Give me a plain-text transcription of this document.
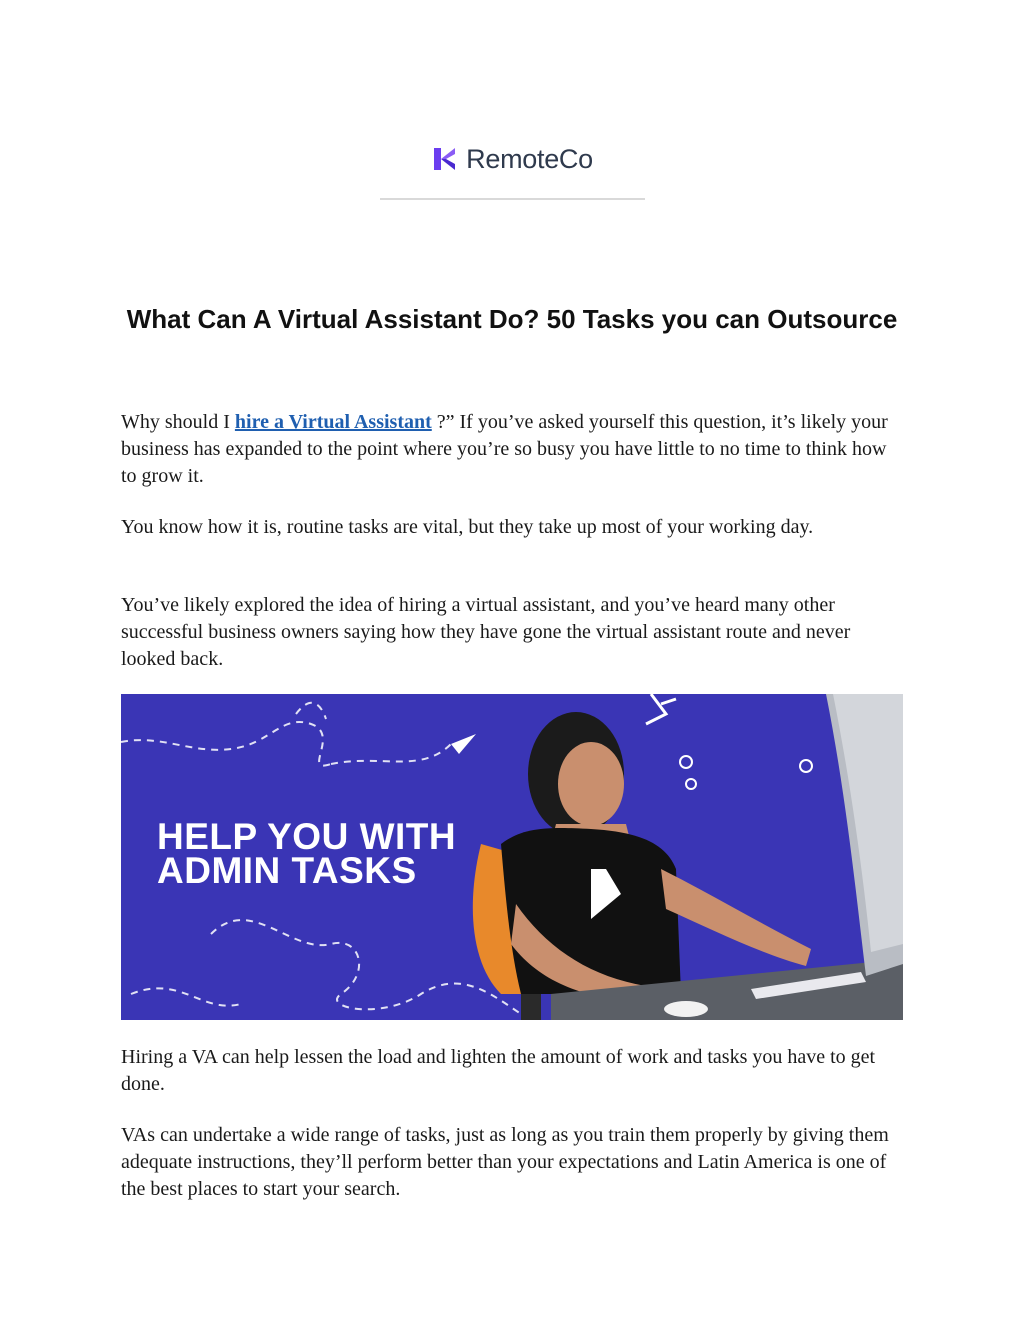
RemoteCo
What Can A Virtual Assistant Do? 50 Tasks you can Outsource

Why should I hire a Virtual Assistant ?” If you’ve asked yourself this question, it’s likely your business has expanded to the point where you’re so busy you have little to no time to think how to grow it.

You know how it is, routine tasks are vital, but they take up most of your working day.

You’ve likely explored the idea of hiring a virtual assistant, and you’ve heard many other successful business owners saying how they have gone the virtual assistant route and never looked back.

HELP YOU WITH
ADMIN TASKS

Hiring a VA can help lessen the load and lighten the amount of work and tasks you have to get done.

VAs can undertake a wide range of tasks, just as long as you train them properly by giving them adequate instructions, they’ll perform better than your expectations and Latin America is one of the best places to start your search.
